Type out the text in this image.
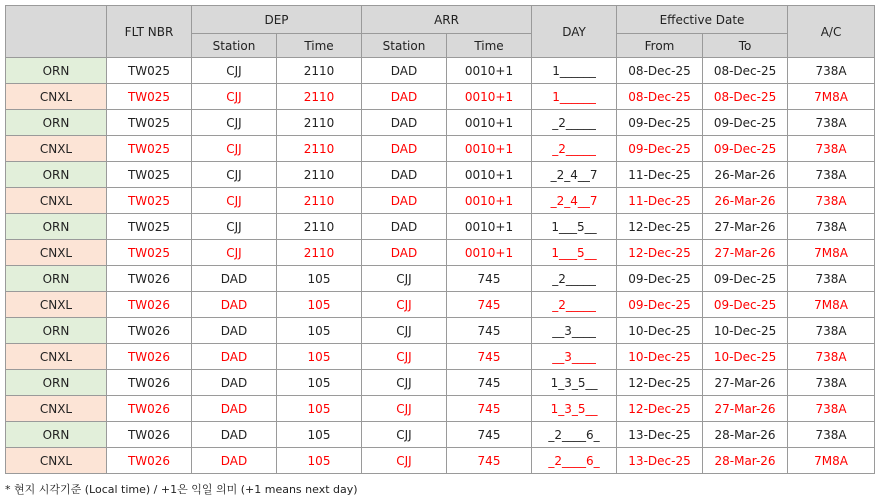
	FLT NBR	DEP		ARR		DAY	Effective Date		A/C
		Station	Time	Station	Time		From	To	
ORN	TW025	CJJ	2110	DAD	0010+1	1______	08-Dec-25	08-Dec-25	738A
CNXL	TW025	CJJ	2110	DAD	0010+1	1______	08-Dec-25	08-Dec-25	7M8A
ORN	TW025	CJJ	2110	DAD	0010+1	_2_____	09-Dec-25	09-Dec-25	738A
CNXL	TW025	CJJ	2110	DAD	0010+1	_2_____	09-Dec-25	09-Dec-25	738A
ORN	TW025	CJJ	2110	DAD	0010+1	_2_4__7	11-Dec-25	26-Mar-26	738A
CNXL	TW025	CJJ	2110	DAD	0010+1	_2_4__7	11-Dec-25	26-Mar-26	738A
ORN	TW025	CJJ	2110	DAD	0010+1	1___5__	12-Dec-25	27-Mar-26	738A
CNXL	TW025	CJJ	2110	DAD	0010+1	1___5__	12-Dec-25	27-Mar-26	7M8A
ORN	TW026	DAD	105	CJJ	745	_2_____	09-Dec-25	09-Dec-25	738A
CNXL	TW026	DAD	105	CJJ	745	_2_____	09-Dec-25	09-Dec-25	7M8A
ORN	TW026	DAD	105	CJJ	745	__3____	10-Dec-25	10-Dec-25	738A
CNXL	TW026	DAD	105	CJJ	745	__3____	10-Dec-25	10-Dec-25	738A
ORN	TW026	DAD	105	CJJ	745	1_3_5__	12-Dec-25	27-Mar-26	738A
CNXL	TW026	DAD	105	CJJ	745	1_3_5__	12-Dec-25	27-Mar-26	738A
ORN	TW026	DAD	105	CJJ	745	_2____6_	13-Dec-25	28-Mar-26	738A
CNXL	TW026	DAD	105	CJJ	745	_2____6_	13-Dec-25	28-Mar-26	7M8A
* 현지 시각기준 (Local time) / +1은 익일 의미 (+1 means next day)
